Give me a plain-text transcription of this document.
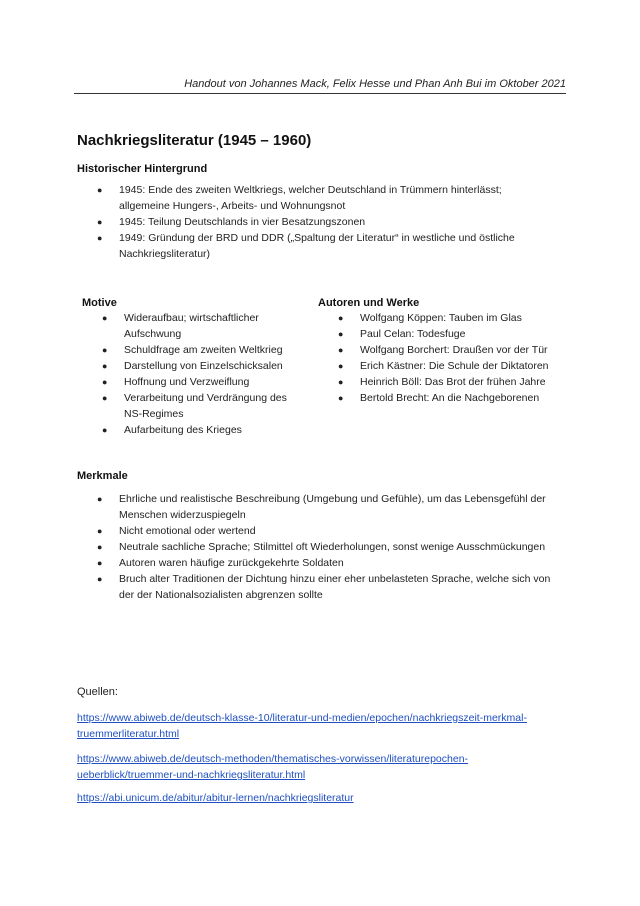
Handout von Johannes Mack, Felix Hesse und Phan Anh Bui im Oktober 2021
Nachkriegsliteratur (1945 – 1960)
Historischer Hintergrund
● 1945: Ende des zweiten Weltkriegs, welcher Deutschland in Trümmern hinterlässt; allgemeine Hungers-, Arbeits- und Wohnungsnot
● 1945: Teilung Deutschlands in vier Besatzungszonen
● 1949: Gründung der BRD und DDR („Spaltung der Literatur“ in westliche und östliche Nachkriegsliteratur)
Motive
● Wideraufbau; wirtschaftlicher Aufschwung
● Schuldfrage am zweiten Weltkrieg
● Darstellung von Einzelschicksalen
● Hoffnung und Verzweiflung
● Verarbeitung und Verdrängung des NS-Regimes
● Aufarbeitung des Krieges
Autoren und Werke
● Wolfgang Köppen: Tauben im Glas
● Paul Celan: Todesfuge
● Wolfgang Borchert: Draußen vor der Tür
● Erich Kästner: Die Schule der Diktatoren
● Heinrich Böll: Das Brot der frühen Jahre
● Bertold Brecht: An die Nachgeborenen
Merkmale
● Ehrliche und realistische Beschreibung (Umgebung und Gefühle), um das Lebensgefühl der Menschen widerzuspiegeln
● Nicht emotional oder wertend
● Neutrale sachliche Sprache; Stilmittel oft Wiederholungen, sonst wenige Ausschmückungen
● Autoren waren häufige zurückgekehrte Soldaten
● Bruch alter Traditionen der Dichtung hinzu einer eher unbelasteten Sprache, welche sich von der der Nationalsozialisten abgrenzen sollte
Quellen:
https://www.abiweb.de/deutsch-klasse-10/literatur-und-medien/epochen/nachkriegszeit-merkmal-truemmerliteratur.html
https://www.abiweb.de/deutsch-methoden/thematisches-vorwissen/literaturepochen-ueberblick/truemmer-und-nachkriegsliteratur.html
https://abi.unicum.de/abitur/abitur-lernen/nachkriegsliteratur
